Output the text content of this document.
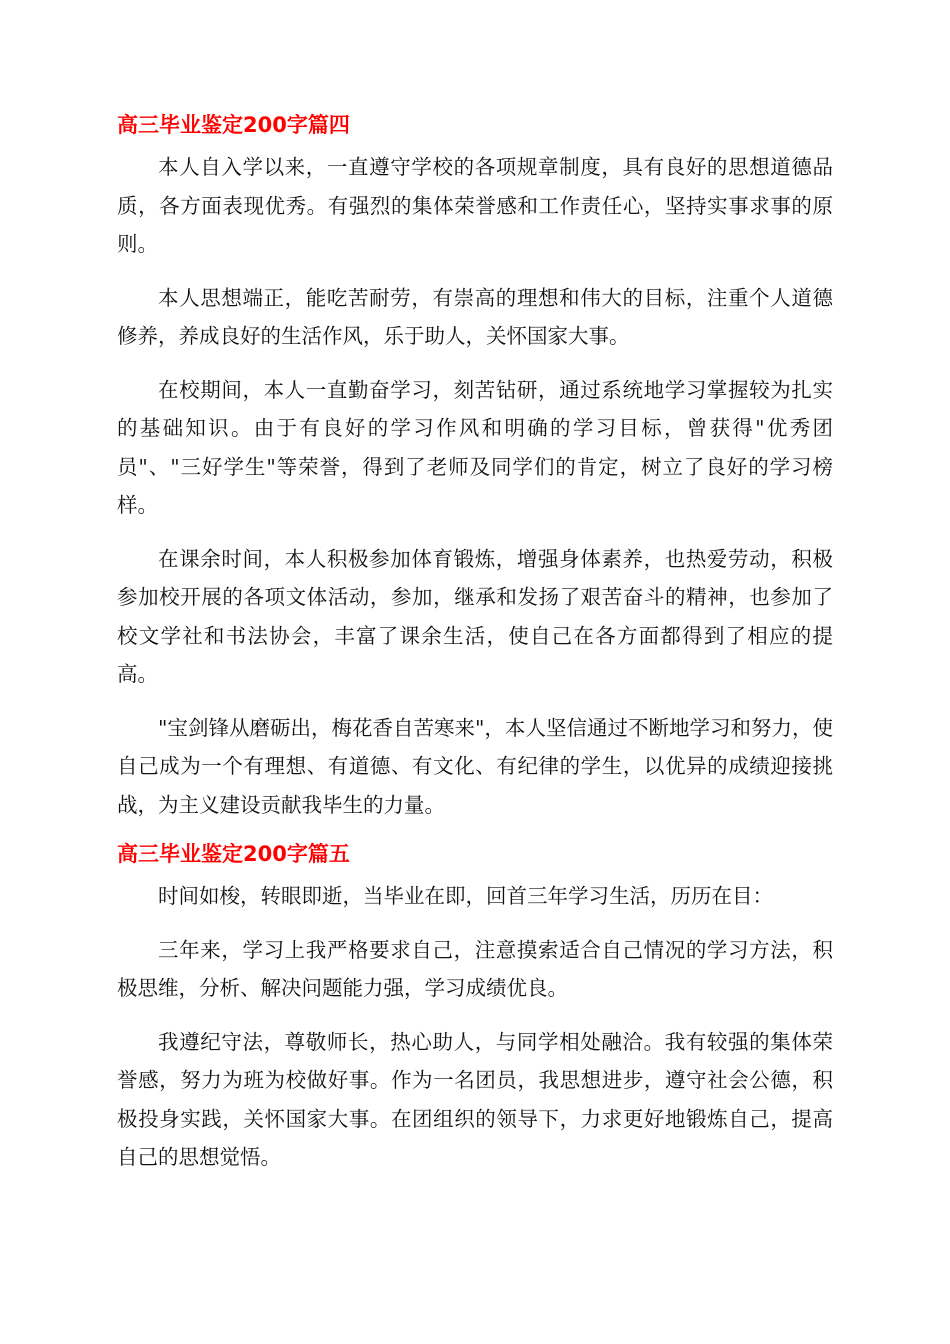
高三毕业鉴定200字篇四

本人自入学以来，一直遵守学校的各项规章制度，具有良好的思想道德品质，各方面表现优秀。有强烈的集体荣誉感和工作责任心，坚持实事求事的原则。

本人思想端正，能吃苦耐劳，有崇高的理想和伟大的目标，注重个人道德修养，养成良好的生活作风，乐于助人，关怀国家大事。

在校期间，本人一直勤奋学习，刻苦钻研，通过系统地学习掌握较为扎实的基础知识。由于有良好的学习作风和明确的学习目标，曾获得"优秀团员"、"三好学生"等荣誉，得到了老师及同学们的肯定，树立了良好的学习榜样。

在课余时间，本人积极参加体育锻炼，增强身体素养，也热爱劳动，积极参加校开展的各项文体活动，参加，继承和发扬了艰苦奋斗的精神，也参加了校文学社和书法协会，丰富了课余生活，使自己在各方面都得到了相应的提高。

"宝剑锋从磨砺出，梅花香自苦寒来"，本人坚信通过不断地学习和努力，使自己成为一个有理想、有道德、有文化、有纪律的学生，以优异的成绩迎接挑战，为主义建设贡献我毕生的力量。

高三毕业鉴定200字篇五

时间如梭，转眼即逝，当毕业在即，回首三年学习生活，历历在目：

三年来，学习上我严格要求自己，注意摸索适合自己情况的学习方法，积极思维，分析、解决问题能力强，学习成绩优良。

我遵纪守法，尊敬师长，热心助人，与同学相处融洽。我有较强的集体荣誉感，努力为班为校做好事。作为一名团员，我思想进步，遵守社会公德，积极投身实践，关怀国家大事。在团组织的领导下，力求更好地锻炼自己，提高自己的思想觉悟。
